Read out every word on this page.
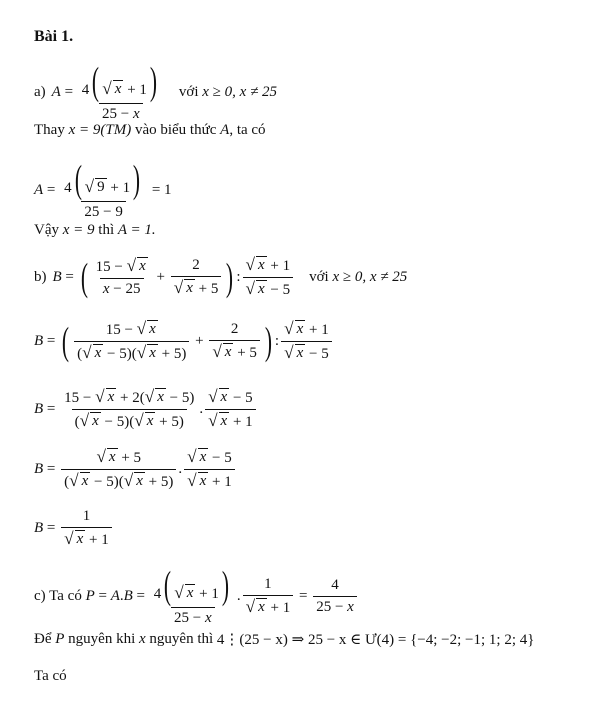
Bài 1.
a) $A = \frac{4( √ x + 1)}{25 - x}$ với
x ≥ 0, x ≠ 25
Thay
x = 9(TM)
vào biểu thức
A , ta có
$A = \frac{4( √ 9 + 1)}{25 - 9} = 1$
Vậy
x = 9
thì
A = 1.
b) B = ( $\frac{15 - √ x}{x - 25} + \frac{2}{√ x + 5}$ ) : $\frac{√ x + 1}{√ x - 5}$ với
x ≥ 0, x ≠ 25
B = ( $\frac{15 - √ x}{( √ x - 5)( √ x + 5)} + \frac{2}{√ x + 5}$ ) : $\frac{√ x + 1}{√ x - 5}$
$B = \frac{15 - √ x + 2( √ x - 5)}{( √ x - 5)( √ x + 5)}$ . $\frac{√ x - 5}{√ x + 1}$
$B = \frac{√ x + 5}{( √ x - 5)( √ x + 5)}$ . $\frac{√ x - 5}{√ x + 1}$
$B = \frac{1}{√ x + 1}$
c) Ta có
P = A . $B = \frac{4( √ x + 1)}{25 - x}$ . $\frac{1}{√ x + 1} = \frac{4}{25 - x}$
Để
P
nguyên khi
x
nguyên thì
4⋮(25 − x) ⇒ 25 − x ∈ Ư(4) = {−4; −2; −1; 1; 2; 4}
Ta có
